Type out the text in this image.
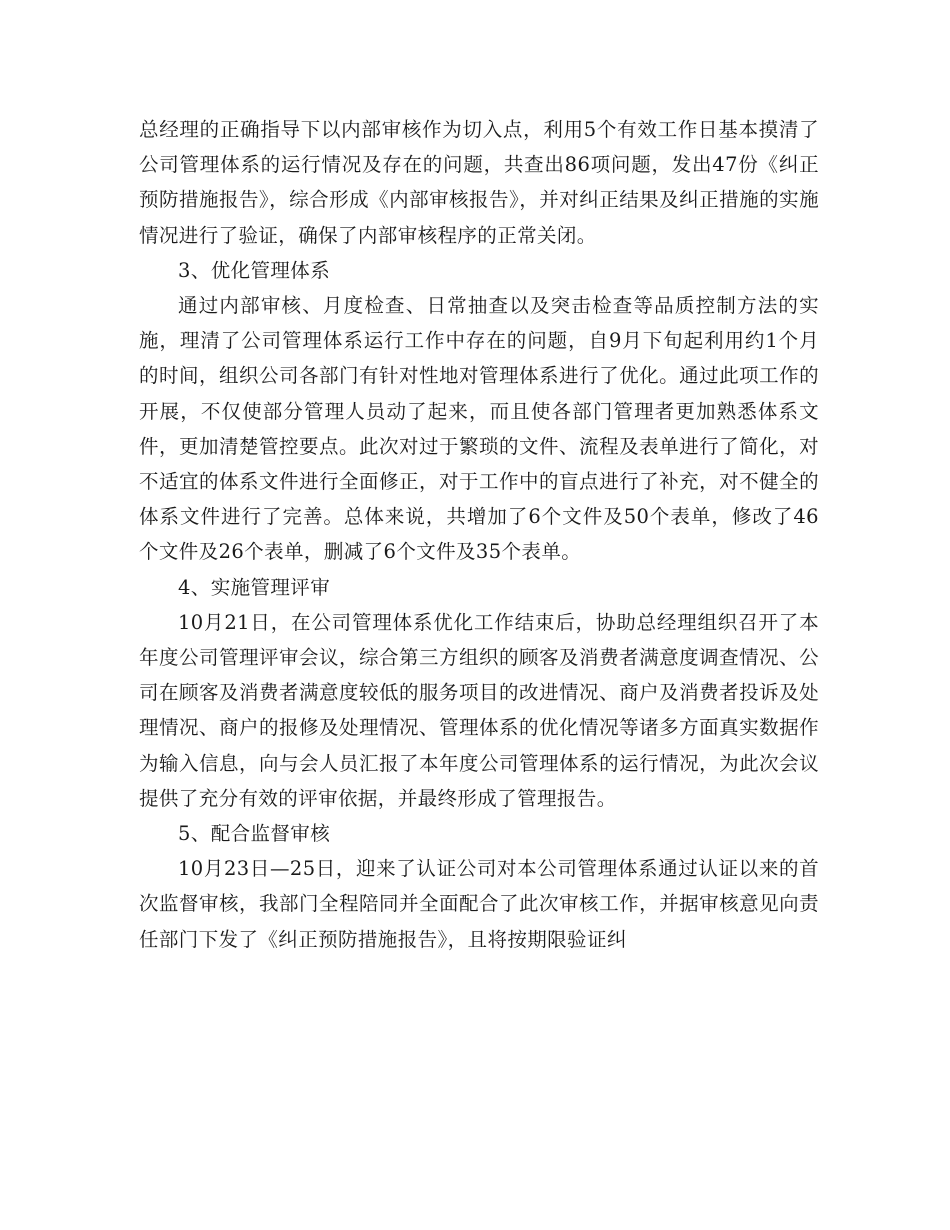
总经理的正确指导下以内部审核作为切入点，利用5个有效工作日基本摸清了公司管理体系的运行情况及存在的问题，共查出86项问题，发出47份《纠正预防措施报告》，综合形成《内部审核报告》，并对纠正结果及纠正措施的实施情况进行了验证，确保了内部审核程序的正常关闭。

3、优化管理体系

通过内部审核、月度检查、日常抽查以及突击检查等品质控制方法的实施，理清了公司管理体系运行工作中存在的问题，自9月下旬起利用约1个月的时间，组织公司各部门有针对性地对管理体系进行了优化。通过此项工作的开展，不仅使部分管理人员动了起来，而且使各部门管理者更加熟悉体系文件，更加清楚管控要点。此次对过于繁琐的文件、流程及表单进行了简化，对不适宜的体系文件进行全面修正，对于工作中的盲点进行了补充，对不健全的体系文件进行了完善。总体来说，共增加了6个文件及50个表单，修改了46个文件及26个表单，删减了6个文件及35个表单。

4、实施管理评审

10月21日，在公司管理体系优化工作结束后，协助总经理组织召开了本年度公司管理评审会议，综合第三方组织的顾客及消费者满意度调查情况、公司在顾客及消费者满意度较低的服务项目的改进情况、商户及消费者投诉及处理情况、商户的报修及处理情况、管理体系的优化情况等诸多方面真实数据作为输入信息，向与会人员汇报了本年度公司管理体系的运行情况，为此次会议提供了充分有效的评审依据，并最终形成了管理报告。

5、配合监督审核

10月23日—25日，迎来了认证公司对本公司管理体系通过认证以来的首次监督审核，我部门全程陪同并全面配合了此次审核工作，并据审核意见向责任部门下发了《纠正预防措施报告》，且将按期限验证纠
